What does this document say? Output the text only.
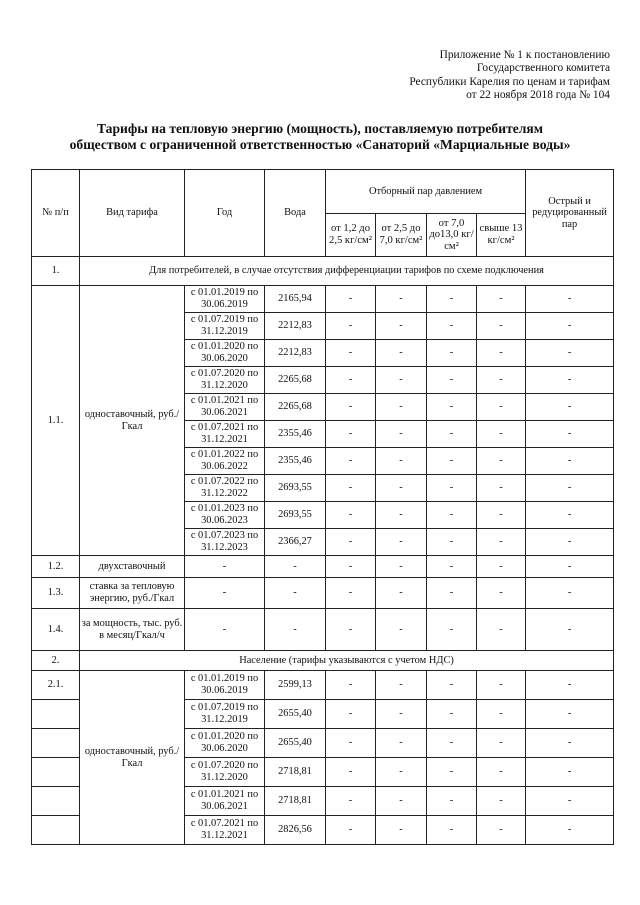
Приложение № 1 к постановлению
Государственного комитета
Республики Карелия по ценам и тарифам
от 22 ноября 2018 года № 104
Тарифы на тепловую энергию (мощность), поставляемую потребителям
обществом с ограниченной ответственностью «Санаторий «Марциальные воды»
№ п/п	Вид тарифа	Год	Вода	Отборный пар давлением				Острый и редуцированный пар
				от 1,2 до 2,5 кг/см²	от 2,5 до 7,0 кг/см²	от 7,0 до13,0 кг/см²	свыше 13 кг/см²	
1.	Для потребителей, в случае отсутствия дифференциации тарифов по схеме подключения							
1.1.	одноставочный, руб./Гкал	с 01.01.2019 по 30.06.2019	2165,94	-	-	-	-	-
		с 01.07.2019 по 31.12.2019	2212,83	-	-	-	-	-
		с 01.01.2020 по 30.06.2020	2212,83	-	-	-	-	-
		с 01.07.2020 по 31.12.2020	2265,68	-	-	-	-	-
		с 01.01.2021 по 30.06.2021	2265,68	-	-	-	-	-
		с 01.07.2021 по 31.12.2021	2355,46	-	-	-	-	-
		с 01.01.2022 по 30.06.2022	2355,46	-	-	-	-	-
		с 01.07.2022 по 31.12.2022	2693,55	-	-	-	-	-
		с 01.01.2023 по 30.06.2023	2693,55	-	-	-	-	-
		с 01.07.2023 по 31.12.2023	2366,27	-	-	-	-	-
1.2.	двухставочный	-	-	-	-	-	-	-
1.3.	ставка за тепловую энергию, руб./Гкал	-	-	-	-	-	-	-
1.4.	за мощность, тыс. руб. в месяц/Гкал/ч	-	-	-	-	-	-	-
2.	Население (тарифы указываются с учетом НДС)							
2.1.	одноставочный, руб./Гкал	с 01.01.2019 по 30.06.2019	2599,13	-	-	-	-	-
		с 01.07.2019 по 31.12.2019	2655,40	-	-	-	-	-
		с 01.01.2020 по 30.06.2020	2655,40	-	-	-	-	-
		с 01.07.2020 по 31.12.2020	2718,81	-	-	-	-	-
		с 01.01.2021 по 30.06.2021	2718,81	-	-	-	-	-
		с 01.07.2021 по 31.12.2021	2826,56	-	-	-	-	-
